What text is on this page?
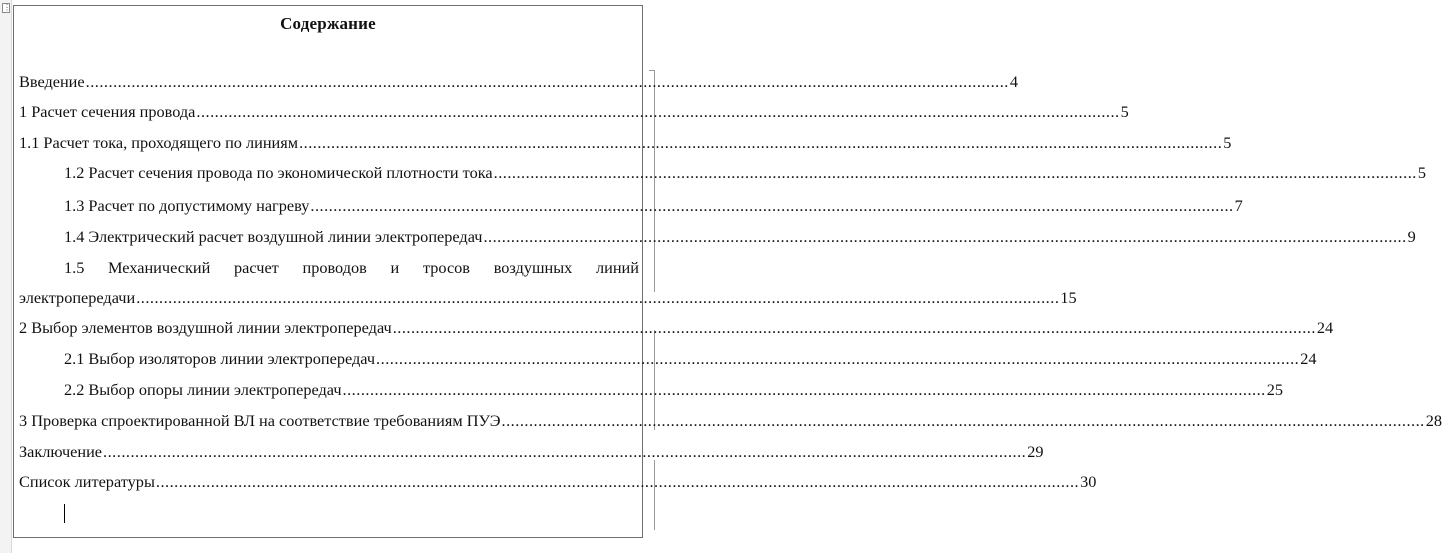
⋮
Содержание
Введение .......................................................................................................................................................................................................... 4
1 Расчет сечения провода .......................................................................................................................................................................................................... 5
1.1 Расчет тока, проходящего по линиям .......................................................................................................................................................................................................... 5
1.2 Расчет сечения провода по экономической плотности тока .......................................................................................................................................................................................................... 5
1.3 Расчет по допустимому нагреву .......................................................................................................................................................................................................... 7
1.4 Электрический расчет воздушной линии электропередач .......................................................................................................................................................................................................... 9
1.5 Механический расчет проводов и тросов воздушных линий
электропередачи .......................................................................................................................................................................................................... 15
2 Выбор элементов воздушной линии электропередач .......................................................................................................................................................................................................... 24
2.1 Выбор изоляторов линии электропередач .......................................................................................................................................................................................................... 24
2.2 Выбор опоры линии электропередач .......................................................................................................................................................................................................... 25
3 Проверка спроектированной ВЛ на соответствие требованиям ПУЭ .......................................................................................................................................................................................................... 28
Заключение .......................................................................................................................................................................................................... 29
Список литературы .......................................................................................................................................................................................................... 30
